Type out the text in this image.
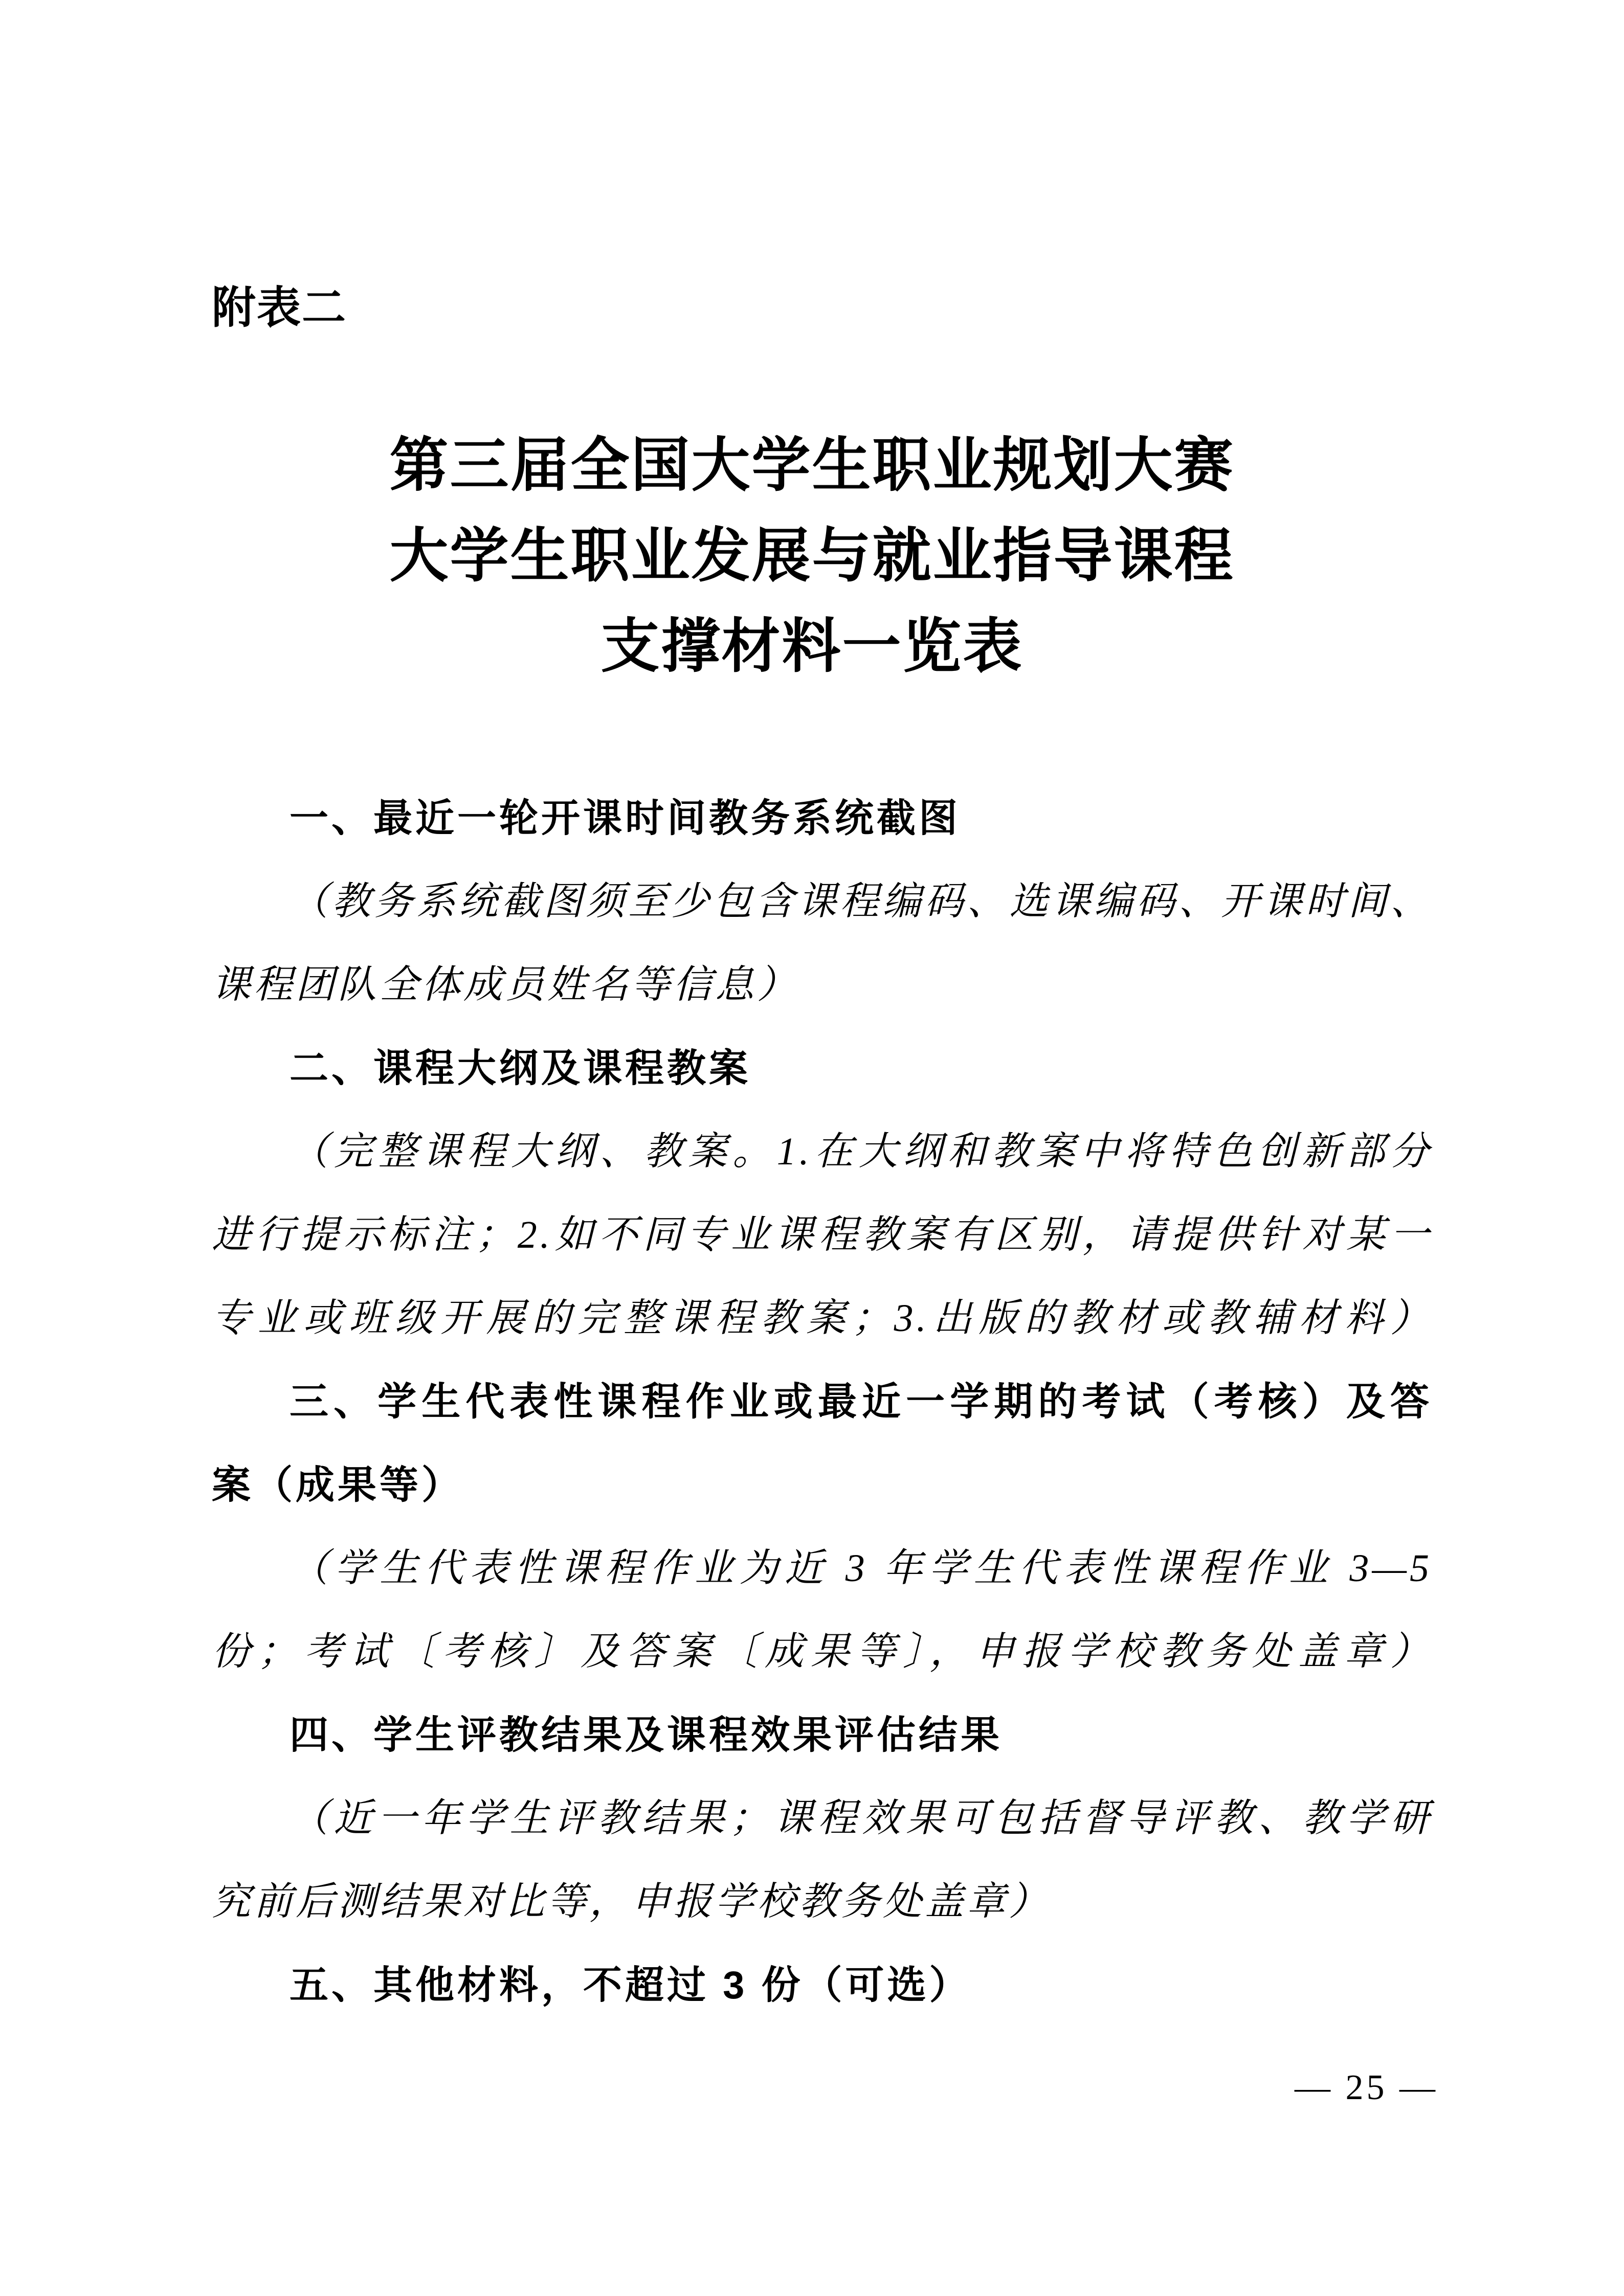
附表二
第三届全国大学生职业规划大赛
大学生职业发展与就业指导课程
支撑材料一览表
一、最近一轮开课时间教务系统截图
（教务系统截图须至少包含课程编码、选课编码、开课时间、
课程团队全体成员姓名等信息）
二、课程大纲及课程教案
（完整课程大纲、教案。1.在大纲和教案中将特色创新部分
进行提示标注；2.如不同专业课程教案有区别，请提供针对某一
专业或班级开展的完整课程教案；3.出版的教材或教辅材料）
三、学生代表性课程作业或最近一学期的考试（考核）及答
案（成果等）
（学生代表性课程作业为近 3 年学生代表性课程作业 3—5
份；考试〔考核〕及答案〔成果等〕，申报学校教务处盖章）
四、学生评教结果及课程效果评估结果
（近一年学生评教结果；课程效果可包括督导评教、教学研
究前后测结果对比等，申报学校教务处盖章）
五、其他材料，不超过 3 份（可选）
— 25 —
